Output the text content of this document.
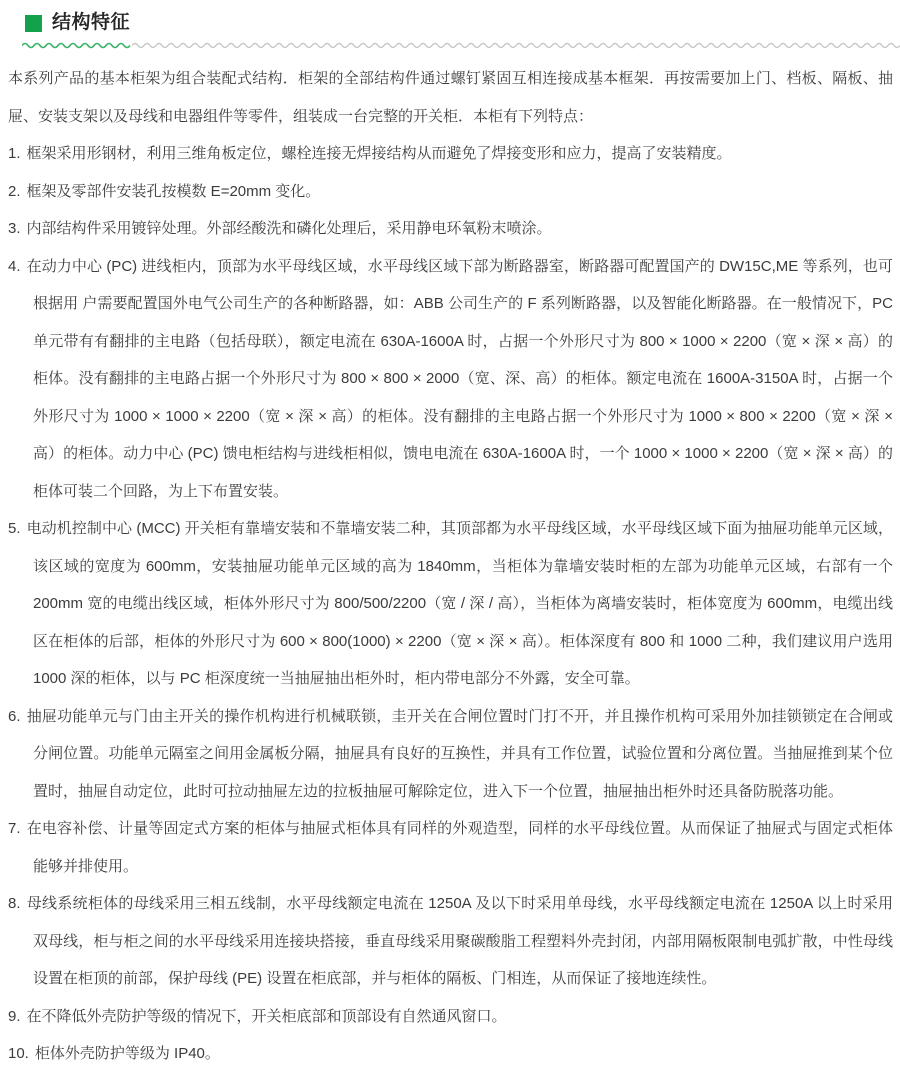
结构特征

本系列产品的基本柜架为组合装配式结构．柜架的全部结构件通过螺钉紧固互相连接成基本框架．再按需要加上门、档板、隔板、抽屉、安装支架以及母线和电器组件等零件，组装成一台完整的开关柜．本柜有下列特点：

1. 框架采用形钢材，利用三维角板定位，螺栓连接无焊接结构从而避免了焊接变形和应力，提高了安装精度。

2. 框架及零部件安装孔按模数 E=20mm 变化。

3. 内部结构件采用镀锌处理。外部经酸洗和磷化处理后，采用静电环氧粉末喷涂。

4. 在动力中心 (PC) 进线柜内，顶部为水平母线区域，水平母线区域下部为断路器室，断路器可配置国产的 DW15C,ME 等系列，也可根据用 户需要配置国外电气公司生产的各种断路器，如：ABB 公司生产的 F 系列断路器，以及智能化断路器。在一般情况下，PC 单元带有有翻排的主电路（包括母联），额定电流在 630A-1600A 时，占据一个外形尺寸为 800 × 1000 × 2200（宽 × 深 × 高）的柜体。没有翻排的主电路占据一个外形尺寸为 800 × 800 × 2000（宽、深、高）的柜体。额定电流在 1600A-3150A 时，占据一个外形尺寸为 1000 × 1000 × 2200（宽 × 深 × 高）的柜体。没有翻排的主电路占据一个外形尺寸为 1000 × 800 × 2200（宽 × 深 × 高）的柜体。动力中心 (PC) 馈电柜结构与进线柜相似，馈电电流在 630A-1600A 时，一个 1000 × 1000 × 2200（宽 × 深 × 高）的柜体可装二个回路，为上下布置安装。

5. 电动机控制中心 (MCC) 开关柜有靠墙安装和不靠墙安装二种，其顶部都为水平母线区域，水平母线区域下面为抽屉功能单元区域，该区域的宽度为 600mm，安装抽屉功能单元区域的高为 1840mm，当柜体为靠墙安装时柜的左部为功能单元区域，右部有一个 200mm 宽的电缆出线区域，柜体外形尺寸为 800/500/2200（宽 / 深 / 高），当柜体为离墙安装时，柜体宽度为 600mm，电缆出线区在柜体的后部，柜体的外形尺寸为 600 × 800(1000) × 2200（宽 × 深 × 高）。柜体深度有 800 和 1000 二种，我们建议用户选用 1000 深的柜体，以与 PC 柜深度统一当抽屉抽出柜外时，柜内带电部分不外露，安全可靠。

6. 抽屉功能单元与门由主开关的操作机构进行机械联锁，圭开关在合闸位置时门打不开，并且操作机构可采用外加挂锁锁定在合闸或分闸位置。功能单元隔室之间用金属板分隔，抽屉具有良好的互换性，并具有工作位置，试验位置和分离位置。当抽屉推到某个位置时，抽屉自动定位，此时可拉动抽屉左边的拉板抽屉可解除定位，进入下一个位置，抽屉抽出柜外时还具备防脱落功能。

7. 在电容补偿、计量等固定式方案的柜体与抽屉式柜体具有同样的外观造型，同样的水平母线位置。从而保证了抽屉式与固定式柜体能够并排使用。

8. 母线系统柜体的母线采用三相五线制，水平母线额定电流在 1250A 及以下时采用单母线，水平母线额定电流在 1250A 以上时采用双母线，柜与柜之间的水平母线采用连接块搭接，垂直母线采用聚碳酸脂工程塑料外壳封闭，内部用隔板限制电弧扩散，中性母线设置在柜顶的前部，保护母线 (PE) 设置在柜底部，并与柜体的隔板、门相连，从而保证了接地连续性。

9. 在不降低外壳防护等级的情况下，开关柜底部和顶部设有自然通风窗口。

10. 柜体外壳防护等级为 IP40。
